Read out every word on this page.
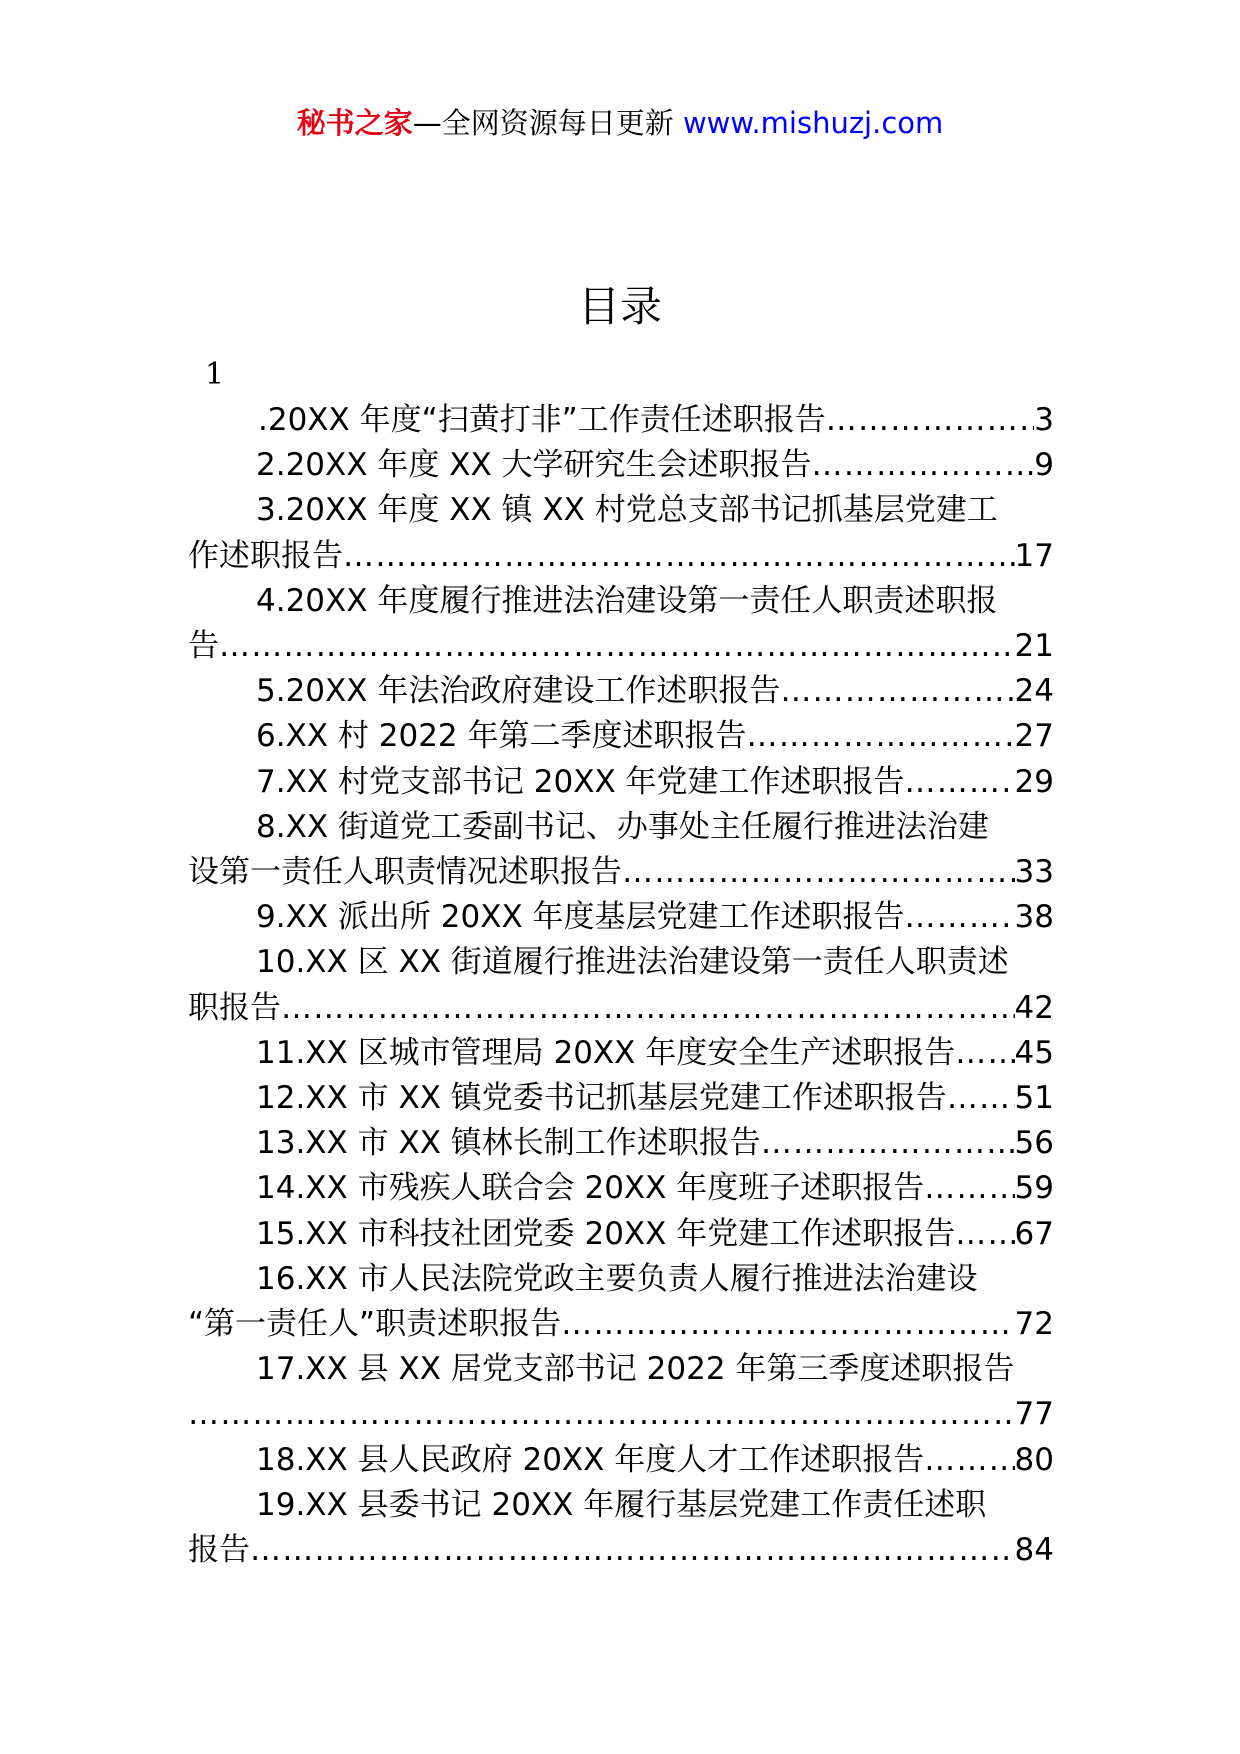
秘书之家—全网资源每日更新 www.mishuzj.com
目录
1
.20XX 年度“扫黄打非”工作责任述职报告 …………………………………………………………………………………………………………………………	3
2.20XX 年度 XX 大学研究生会述职报告 …………………………………………………………………………………………………………………………	9
3.20XX 年度 XX 镇 XX 村党总支部书记抓基层党建工
作述职报告 …………………………………………………………………………………………………………………………	17
4.20XX 年度履行推进法治建设第一责任人职责述职报
告 …………………………………………………………………………………………………………………………	21
5.20XX 年法治政府建设工作述职报告 …………………………………………………………………………………………………………………………	24
6.XX 村 2022 年第二季度述职报告 …………………………………………………………………………………………………………………………	27
7.XX 村党支部书记 20XX 年党建工作述职报告 …………………………………………………………………………………………………………………………	29
8.XX 街道党工委副书记、办事处主任履行推进法治建
设第一责任人职责情况述职报告 …………………………………………………………………………………………………………………………	33
9.XX 派出所 20XX 年度基层党建工作述职报告 …………………………………………………………………………………………………………………………	38
10.XX 区 XX 街道履行推进法治建设第一责任人职责述
职报告 …………………………………………………………………………………………………………………………	42
11.XX 区城市管理局 20XX 年度安全生产述职报告 ………………………………………………………………………………………………………………………… 45
12.XX 市 XX 镇党委书记抓基层党建工作述职报告 ………………………………………………………………………………………………………………………… 51
13.XX 市 XX 镇林长制工作述职报告 …………………………………………………………………………………………………………………………	56
14.XX 市残疾人联合会 20XX 年度班子述职报告 …………………………………………………………………………………………………………………………	59
15.XX 市科技社团党委 20XX 年党建工作述职报告 ………………………………………………………………………………………………………………………… 67
16.XX 市人民法院党政主要负责人履行推进法治建设
“第一责任人”职责述职报告 …………………………………………………………………………………………………………………………	72
17.XX 县 XX 居党支部书记 2022 年第三季度述职报告
…………………………………………………………………………………………………………………………
77
18.XX 县人民政府 20XX 年度人才工作述职报告 …………………………………………………………………………………………………………………………	80
19.XX 县委书记 20XX 年履行基层党建工作责任述职
报告 …………………………………………………………………………………………………………………………	84
